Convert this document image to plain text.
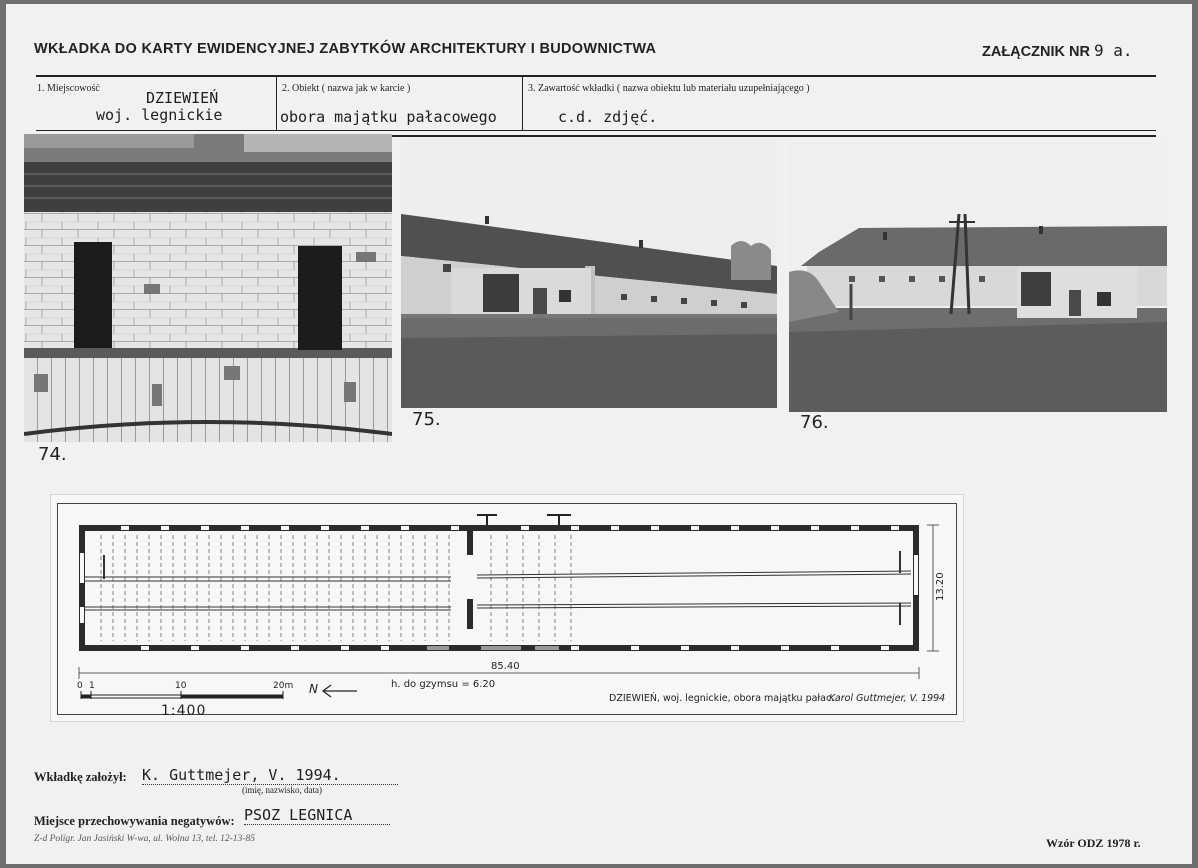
WKŁADKA DO KARTY EWIDENCYJNEJ ZABYTKÓW ARCHITEKTURY I BUDOWNICTWA	ZAŁĄCZNIK NR 9 a.
1. Miejscowość
DZIEWIEŃ
woj. legnickie
2. Obiekt ( nazwa jak w karcie )
obora majątku pałacowego
3. Zawartość wkładki ( nazwa obiektu lub materiału uzupełniającego )
c.d. zdjęć.
74.
75.	76.
13.20
85.40
h. do gzymsu = 6.20
0 1	10	20m N
1:400
DZIEWIEŃ, woj. legnickie, obora majątku pałac.
Karol Guttmejer, V. 1994
Wkładkę założył: K. Guttmejer, V. 1994.
(imię, nazwisko, data)
Miejsce przechowywania negatywów: PSOZ LEGNICA
Z-d Polígr. Jan Jasiński W-wa, ul. Wolna 13, tel. 12-13-85	Wzór ODZ 1978 r.
